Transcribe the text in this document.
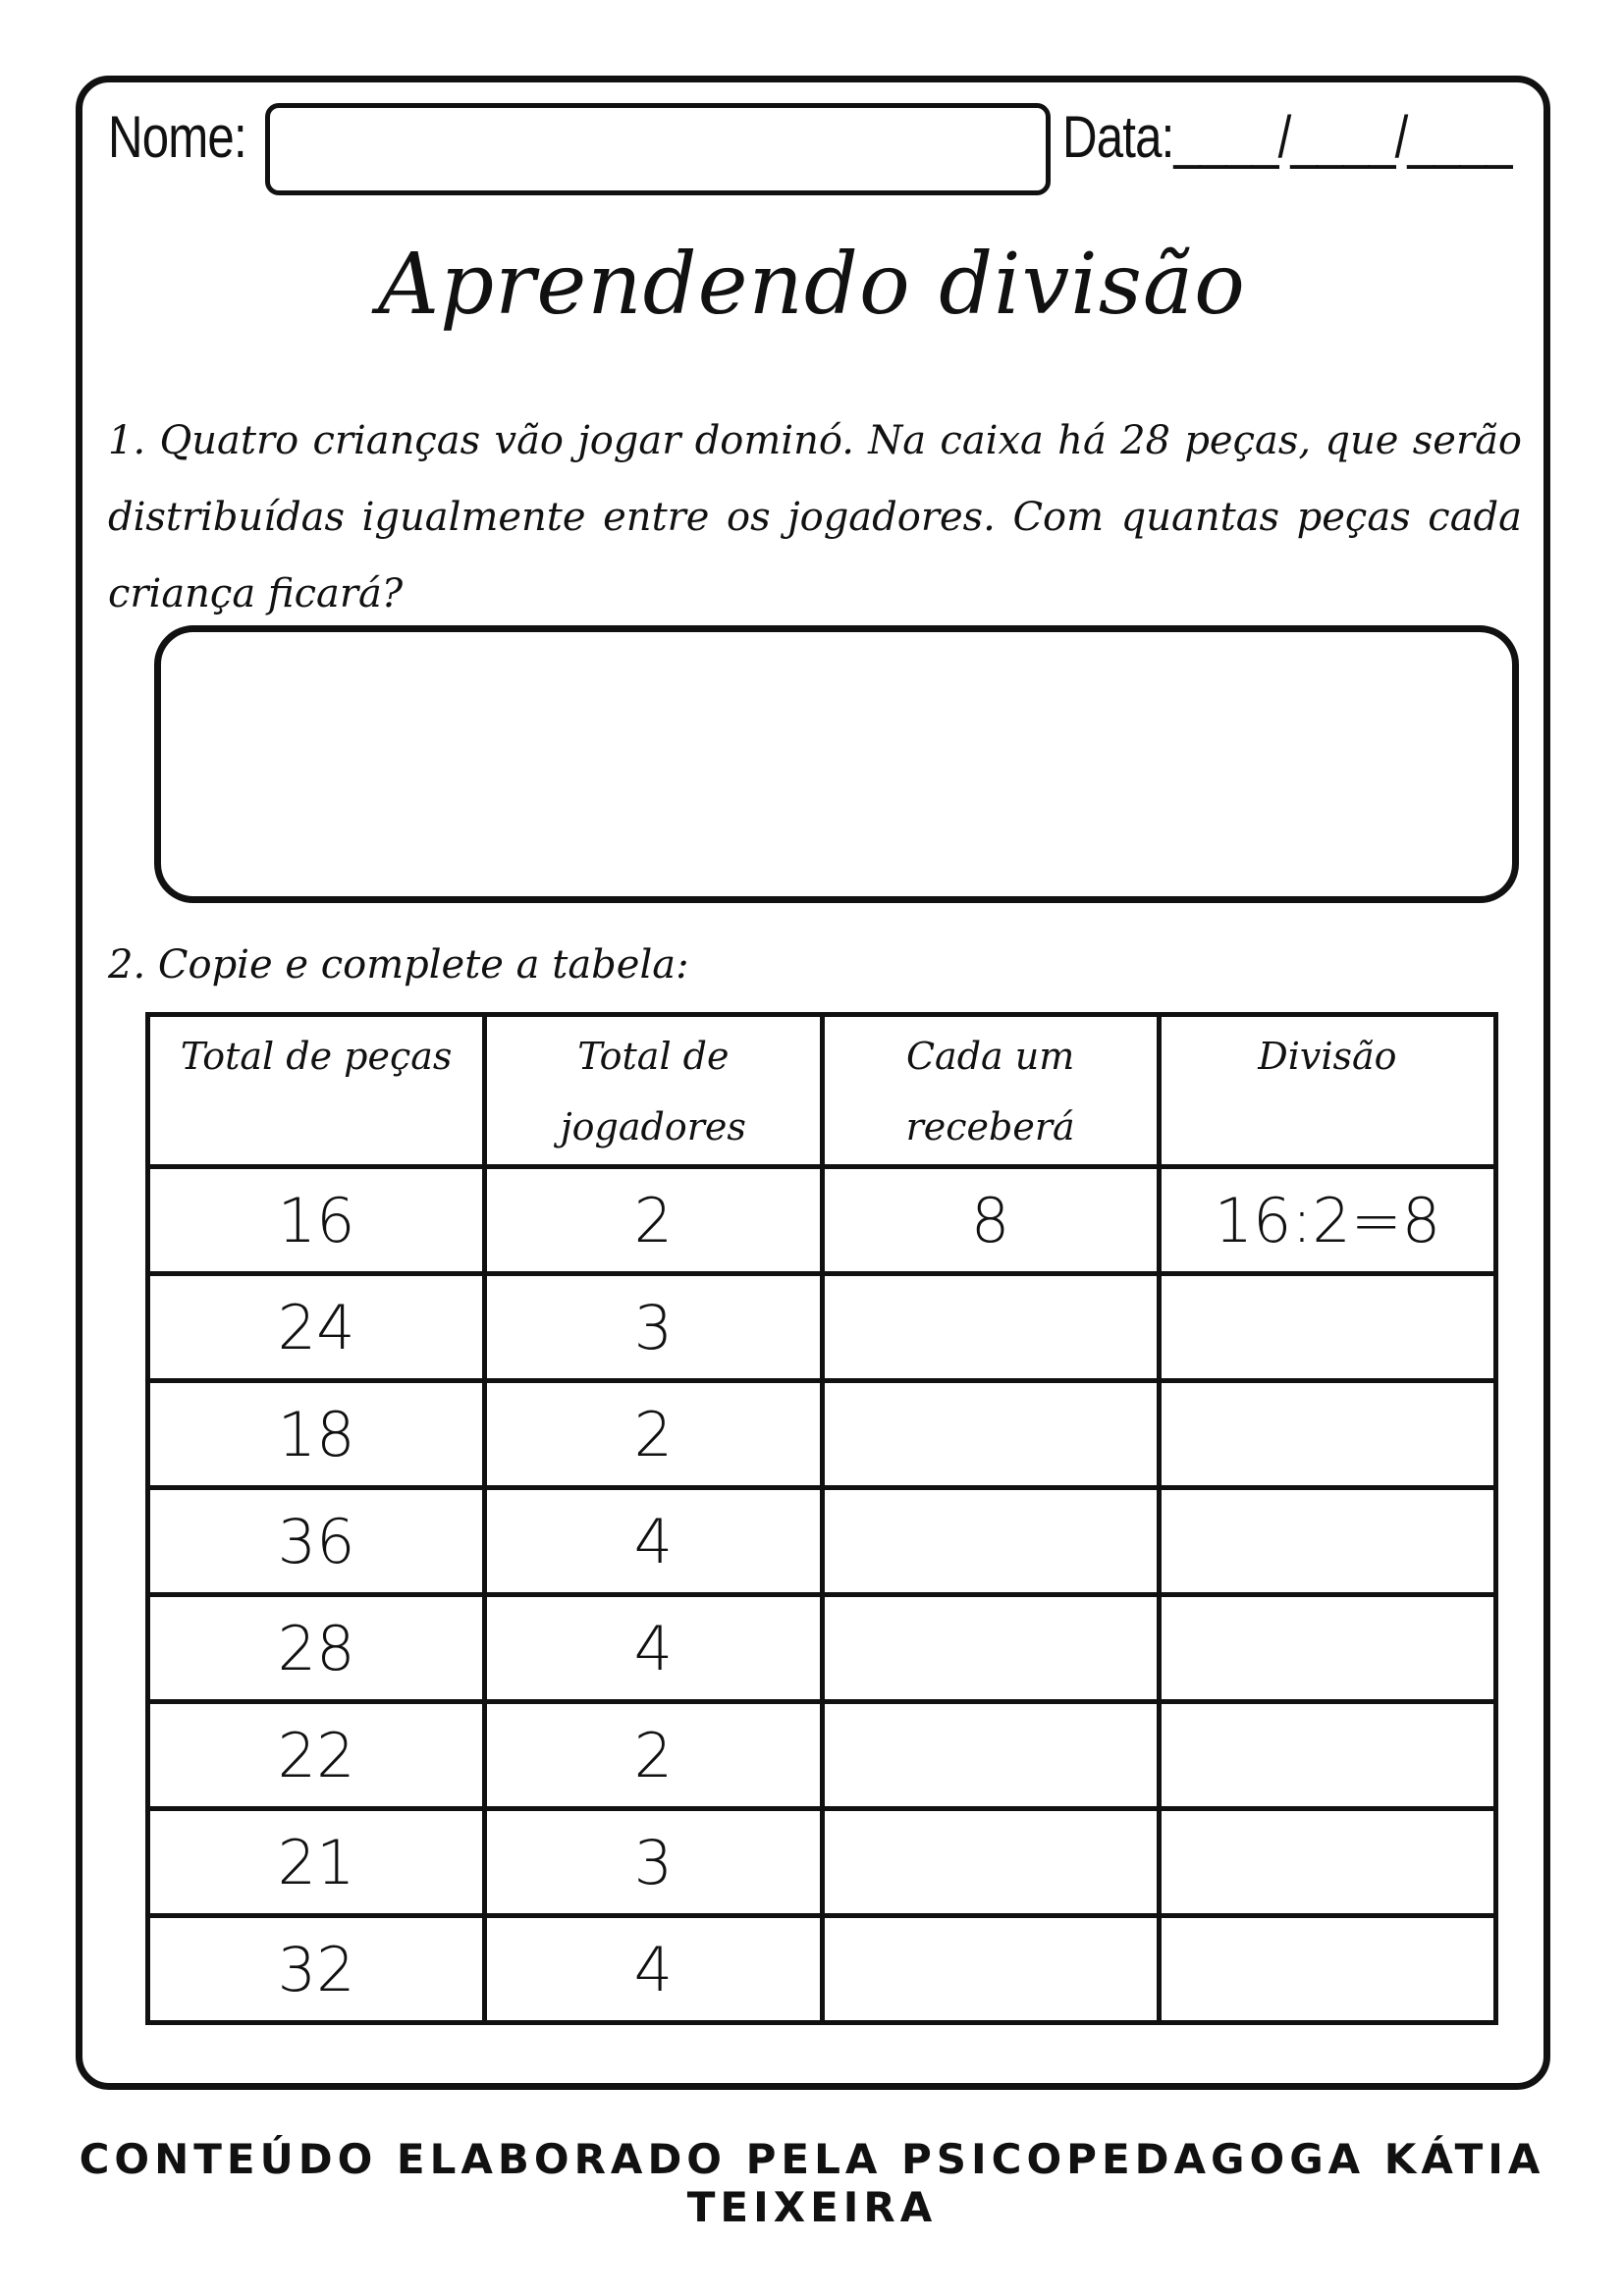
Nome:	Data:____/____/____
Aprendendo divisão
1. Quatro crianças vão jogar dominó. Na caixa há 28 peças, que serão distribuídas igualmente entre os jogadores. Com quantas peças cada criança ficará?
2. Copie e complete a tabela:
Total de peças	Total de jogadores	Cada um receberá	Divisão
16	2	8	16:2=8
24	3		
18	2		
36	4		
28	4		
22	2		
21	3		
32	4		
CONTEÚDO ELABORADO PELA PSICOPEDAGOGA KÁTIA TEIXEIRA
